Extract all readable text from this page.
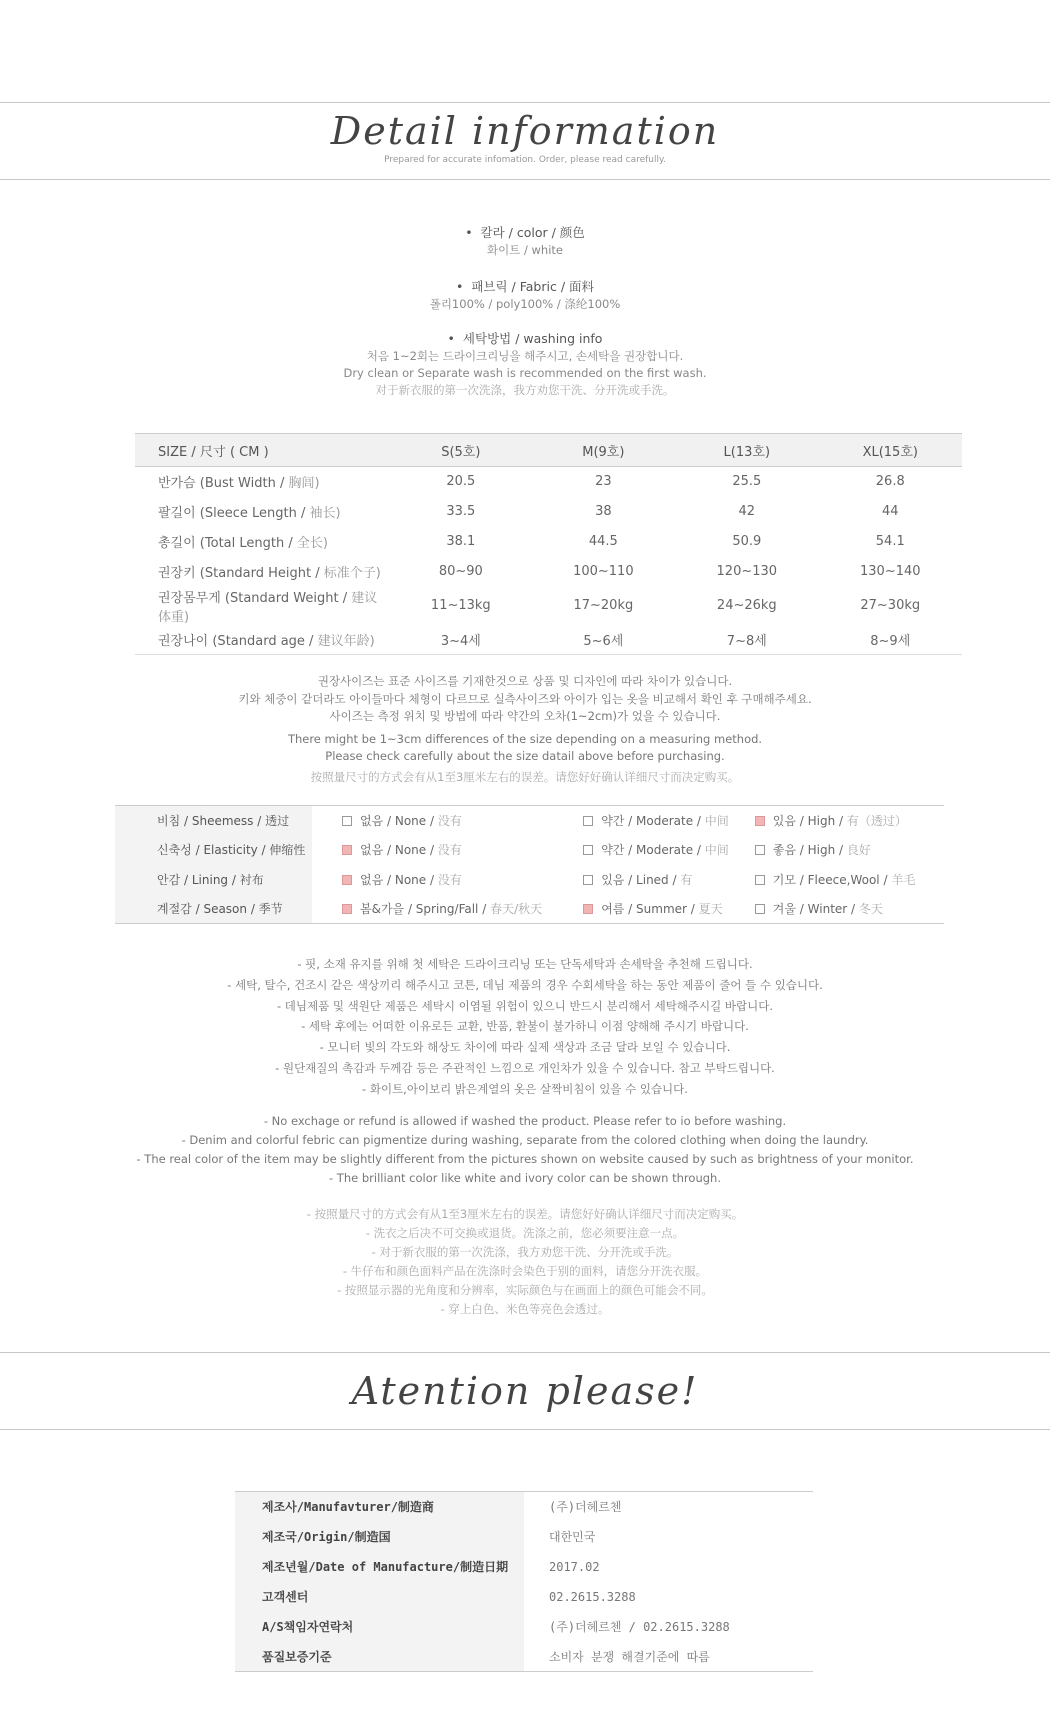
Detail information
Prepared for accurate infomation. Order, please read carefully.
• 칼라 / color / 颜色
화이트 / white
• 패브릭 / Fabric / 面料
폴리100% / poly100% / 涤纶100%
• 세탁방법 / washing info
처음 1~2회는 드라이크리닝을 해주시고, 손세탁을 권장합니다.
Dry clean or Separate wash is recommended on the first wash.
对于新衣服的第一次洗涤，我方劝您干洗、分开洗或手洗。
SIZE / 尺寸 ( CM )	S(5호)	M(9호)	L(13호)	XL(15호)
반가슴 (Bust Width / 胸闾)	20.5	23	25.5	26.8
팔길이 (Sleece Length / 袖长)	33.5	38	42	44
총길이 (Total Length / 全长)	38.1	44.5	50.9	54.1
권장키 (Standard Height / 标准个子)	80~90	100~110	120~130	130~140
권장몸무게 (Standard Weight / 建议体重)	11~13kg	17~20kg	24~26kg	27~30kg
권장나이 (Standard age / 建议年龄)	3~4세	5~6세	7~8세	8~9세
권장사이즈는 표준 사이즈를 기재한것으로 상품 및 디자인에 따라 차이가 있습니다.
키와 체중이 같더라도 아이들마다 체형이 다르므로 실측사이즈와 아이가 입는 옷을 비교해서 확인 후 구매해주세요.
사이즈는 측정 위치 및 방법에 따라 약간의 오차(1~2cm)가 었을 수 있습니다.
There might be 1~3cm differences of the size depending on a measuring method.
Please check carefully about the size datail above before purchasing.
按照量尺寸的方式会有从1至3厘米左右的误差。请您好好确认详细尺寸而决定购买。
비침 / Sheemess / 透过	없음 / None / 没有	약간 / Moderate / 中间	있음 / High / 有（透过）
신축성 / Elasticity / 伸缩性	없음 / None / 没有	약간 / Moderate / 中间	좋음 / High / 良好
안감 / Lining / 衬布	없음 / None / 没有	있음 / Lined / 有	기모 / Fleece,Wool / 羊毛
계절감 / Season / 季节	봄&가을 / Spring/Fall / 春天/秋天	여름 / Summer / 夏天	겨울 / Winter / 冬天
- 핏, 소재 유지를 위해 첫 세탁은 드라이크리닝 또는 단독세탁과 손세탁을 추천해 드립니다.
- 세탁, 탈수, 건조시 같은 색상끼리 해주시고 코튼, 데님 제품의 경우 수회세탁을 하는 동안 제품이 줄어 들 수 있습니다.
- 데님제품 및 색원단 제품은 세탁시 이염될 위험이 있으니 반드시 분리해서 세탁해주시길 바랍니다.
- 세탁 후에는 어떠한 이유로든 교환, 반품, 환불이 불가하니 이점 양해해 주시기 바랍니다.
- 모니터 빛의 각도와 해상도 차이에 따라 실제 색상과 조금 달라 보일 수 있습니다.
- 원단재질의 촉감과 두께감 등은 주관적인 느낌으로 개인차가 있을 수 있습니다. 참고 부탁드립니다.
- 화이트,아이보리 밝은계열의 옷은 살짝비침이 있을 수 있습니다.
- No exchage or refund is allowed if washed the product. Please refer to io before washing.
- Denim and colorful febric can pigmentize during washing, separate from the colored clothing when doing the laundry.
- The real color of the item may be slightly different from the pictures shown on website caused by such as brightness of your monitor.
- The brilliant color like white and ivory color can be shown through.
- 按照量尺寸的方式会有从1至3厘米左右的误差。请您好好确认详细尺寸而决定购买。
- 洗衣之后决不可交换或退货。洗涤之前，您必须要注意一点。
- 对于新衣服的第一次洗涤，我方劝您干洗、分开洗或手洗。
- 牛仔布和颜色面料产品在洗涤时会染色于别的面料，请您分开洗衣服。
- 按照显示器的光角度和分辨率，实际颜色与在画面上的颜色可能会不同。
- 穿上白色、米色等亮色会透过。
Atention please!
제조사/Manufavturer/制造商	(주)더헤르첸
제조국/Origin/制造国	대한민국
제조년월/Date of Manufacture/制造日期	2017.02
고객센터	02.2615.3288
A/S책임자연락처	(주)더헤르첸 / 02.2615.3288
품질보증기준	소비자 분쟁 해결기준에 따름
